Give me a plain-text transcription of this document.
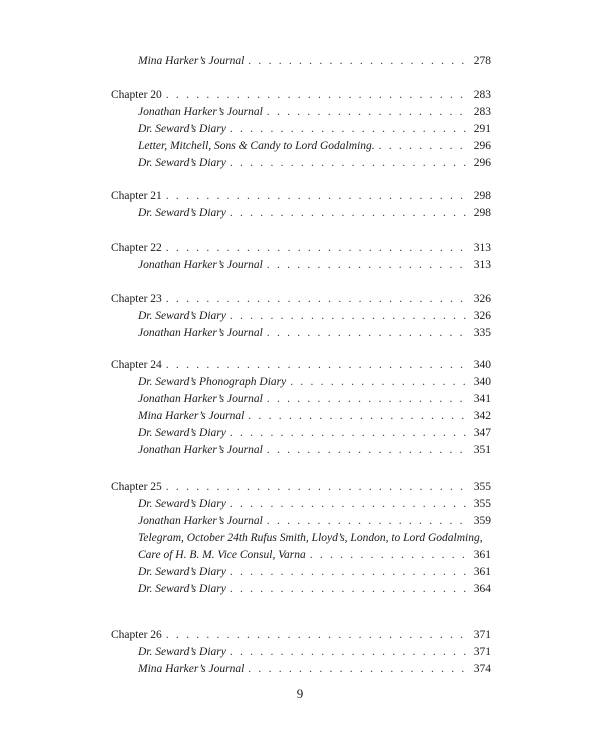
Mina Harker’s Journal . . .	278
Chapter 20 . . .	283
Jonathan Harker’s Journal . . .	283
Dr. Seward’s Diary . . .	291
Letter, Mitchell, Sons & Candy to Lord Godalming. . . .	296
Dr. Seward’s Diary . . .	296
Chapter 21 . . .	298
Dr. Seward’s Diary . . .	298
Chapter 22 . . .	313
Jonathan Harker’s Journal . . .	313
Chapter 23 . . .	326
Dr. Seward’s Diary . . .	326
Jonathan Harker’s Journal . . .	335
Chapter 24 . . .	340
Dr. Seward’s Phonograph Diary . . .	340
Jonathan Harker’s Journal . . .	341
Mina Harker’s Journal . . .	342
Dr. Seward’s Diary . . .	347
Jonathan Harker’s Journal . . .	351
Chapter 25 . . .	355
Dr. Seward’s Diary . . .	355
Jonathan Harker’s Journal . . .	359
Telegram, October 24th Rufus Smith, Lloyd’s, London, to Lord Godalming,
Care of H. B. M. Vice Consul, Varna . . .	361
Dr. Seward’s Diary . . .	361
Dr. Seward’s Diary . . .	364
Chapter 26 . . .	371
Dr. Seward’s Diary . . .	371
Mina Harker’s Journal . . .	374
9
